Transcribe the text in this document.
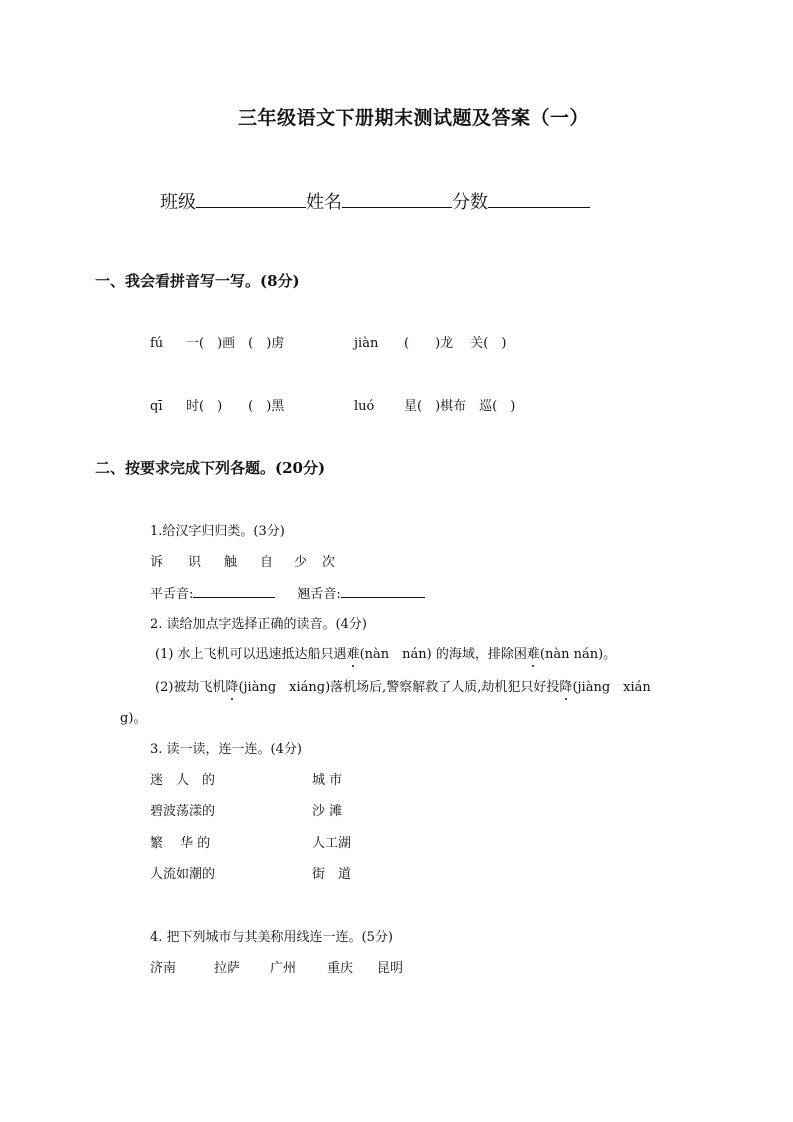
三年级语文下册期末测试题及答案（一）
班级	姓名	分数
一、我会看拼音写一写。(8分)
fú 一(　)画　(　)虏	jiàn (　　)龙　 关(　)
qī 时(　)　　(　)黑	luó 星(　)棋布　巡(　)
二、按要求完成下列各题。(20分)
1.给汉字归归类。(3分)
诉 识 触 自 少 次
平舌音:	翘舌音:
2. 读给加点字选择正确的读音。(4分)
(1) 水上飞机可以迅速抵达船只遇难(nàn　nán) 的海域，排除困难(nàn nán)。
(2)被劫飞机降(jiàng　xiáng)落机场后,警察解救了人质,劫机犯只好投降(jiàng　xián
g)。
3. 读一读，连一连。(4分)
迷　人　的	城 市
碧波荡漾的	沙 滩
繁　 华 的	人工湖
人流如潮的	街　道
4. 把下列城市与其美称用线连一连。(5分)
济南	拉萨 广州 重庆 昆明
